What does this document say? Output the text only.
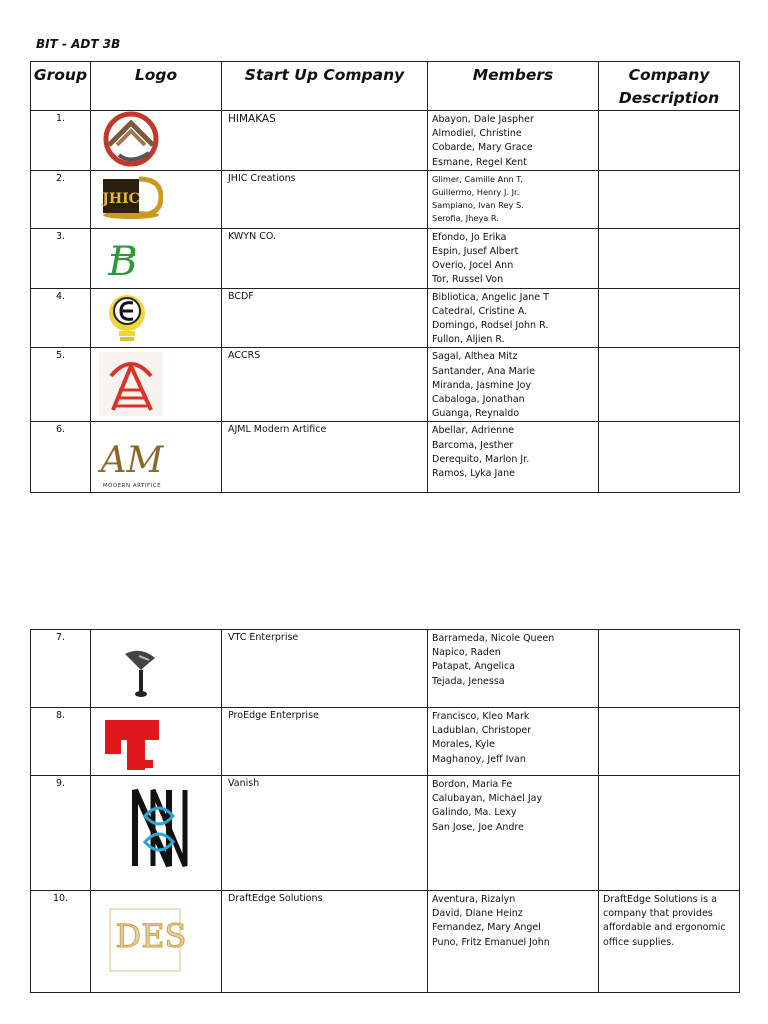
BIT - ADT 3B
Group	Logo	Start Up Company	Members	Company Description
1.		HIMAKAS	Abayon, Dale Jaspher
Almodiel, Christine
Cobarde, Mary Grace
Esmane, Regel Kent	

2.	JHIC	JHIC Creations	Glimer, Camille Ann T.
Guillermo, Henry J. Jr.
Sampiano, Ivan Rey S.
Serofia, Jheya R.	

3.	B	KWYN CO.	Efondo, Jo Erika
Espin, Jusef Albert
Overio, Jocel Ann
Tor, Russel Von	

4.		BCDF	Bibliotica, Angelic Jane T
Catedral, Cristine A.
Domingo, Rodsel John R.
Fullon, Aljien R.	

5.		ACCRS	Sagal, Althea Mitz
Santander, Ana Marie
Miranda, Jasmine Joy
Cabaloga, Jonathan
Guanga, Reynaldo	

6.	AM
MODERN ARTIFICE	AJML Modern Artifice	Abellar, Adrienne
Barcoma, Jesther
Derequito, Marlon Jr.
Ramos, Lyka Jane	

7.		VTC Enterprise	Barrameda, Nicole Queen
Napico, Raden
Patapat, Angelica
Tejada, Jenessa	

8.		ProEdge Enterprise	Francisco, Kleo Mark
Ladublan, Christoper
Morales, Kyle
Maghanoy, Jeff Ivan	

9.		Vanish	Bordon, Maria Fe
Calubayan, Michael Jay
Galindo, Ma. Lexy
San Jose, Joe Andre	

10.	DES	DraftEdge Solutions	Aventura, Rizalyn
David, Diane Heinz
Fernandez, Mary Angel
Puno, Fritz Emanuel John	DraftEdge Solutions is a company that provides affordable and ergonomic office supplies.
